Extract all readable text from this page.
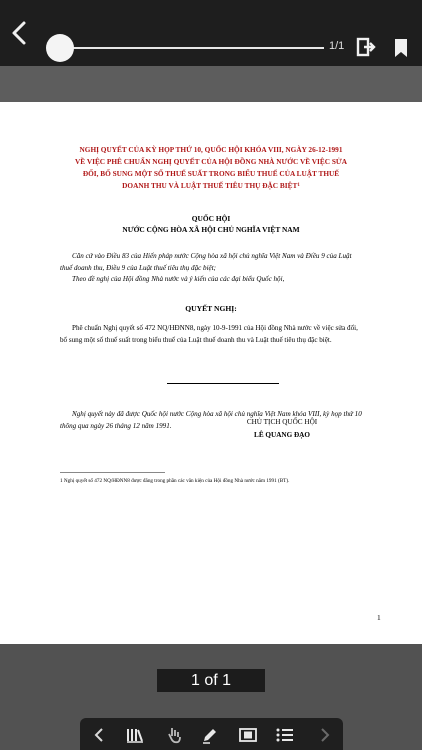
1/1
NGHỊ QUYẾT CỦA KỲ HỌP THỨ 10, QUỐC HỘI KHÓA VIII, NGÀY 26-12-1991
VỀ VIỆC PHÊ CHUẨN NGHỊ QUYẾT CỦA HỘI ĐỒNG NHÀ NƯỚC VỀ VIỆC SỬA
ĐỔI, BỔ SUNG MỘT SỐ THUẾ SUẤT TRONG BIỂU THUẾ CỦA LUẬT THUẾ
DOANH THU VÀ LUẬT THUẾ TIÊU THỤ ĐẶC BIỆT$^1$
QUỐC HỘI
NƯỚC CỘNG HÒA XÃ HỘI CHỦ NGHĨA VIỆT NAM
Căn cứ vào Điều 83 của Hiến pháp nước Cộng hòa xã hội chủ nghĩa Việt Nam và Điều 9 của Luật thuế doanh thu, Điều 9 của Luật thuế tiêu thụ đặc biệt;
Theo đề nghị của Hội đồng Nhà nước và ý kiến của các đại biểu Quốc hội,
QUYẾT NGHỊ:
Phê chuẩn Nghị quyết số 472 NQ/HĐNN8, ngày 10-9-1991 của Hội đồng Nhà nước về việc sửa đổi, bổ sung một số thuế suất trong biểu thuế của Luật thuế doanh thu và Luật thuế tiêu thụ đặc biệt.
Nghị quyết này đã được Quốc hội nước Cộng hòa xã hội chủ nghĩa Việt Nam khóa VIII, kỳ họp thứ 10 thông qua ngày 26 tháng 12 năm 1991.	CHỦ TỊCH QUỐC HỘI
LÊ QUANG ĐẠO
1 Nghị quyết số 472 NQ/HĐNN8 được đăng trong phần các văn kiện của Hội đồng Nhà nước năm 1991 (BT).
1
1 of 1
